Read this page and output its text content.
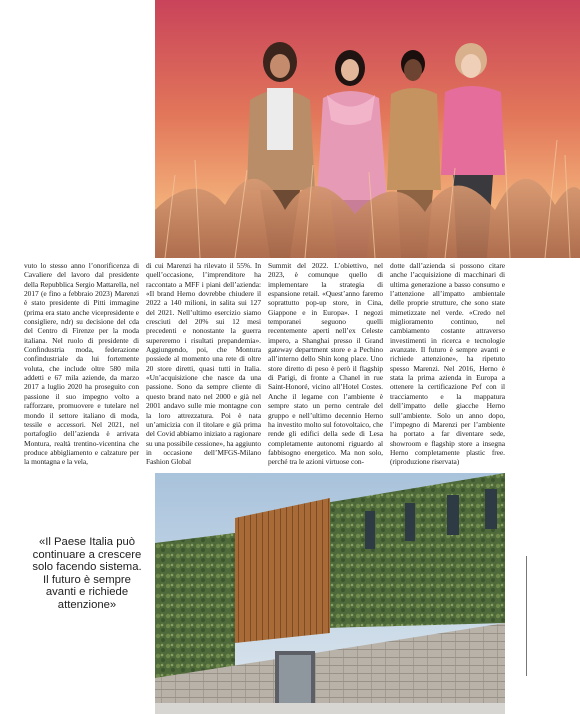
vuto lo stesso anno l’onorificenza di Cavaliere del lavoro dal presidente della Repubblica Sergio Mattarella, nel 2017 (e fino a febbraio 2023) Marenzi è stato presidente di Pitti immagine (prima era stato anche vicepresidente e consigliere, ndr) su decisione del cda del Centro di Firenze per la moda italiana. Nel ruolo di presidente di Confindustria moda, federazione confindustriale da lui fortemente voluta, che include oltre 580 mila addetti e 67 mila aziende, da marzo 2017 a luglio 2020 ha proseguito con passione il suo impegno volto a rafforzare, promuovere e tutelare nel mondo il settore italiano di moda, tessile e accessori. Nel 2021, nel portafoglio dell’azienda è arrivata Montura, realtà trentino-vicentina che produce abbigliamento e calzature per la montagna e la vela,
di cui Marenzi ha rilevato il 55%. In quell’occasione, l’imprenditore ha raccontato a MFF i piani dell’azienda: «Il brand Herno dovrebbe chiudere il 2022 a 140 milioni, in salita sui 127 del 2021. Nell’ultimo esercizio siamo cresciuti del 20% sui 12 mesi precedenti e nonostante la guerra supereremo i risultati prepandemia». Aggiungendo, poi, che Montura possiede al momento una rete di oltre 20 store diretti, quasi tutti in Italia. «Un’acquisizione che nasce da una passione. Sono da sempre cliente di questo brand nato nel 2000 e già nel 2001 andavo sulle mie montagne con la loro attrezzatura. Poi è nata un’amicizia con il titolare e già prima del Covid abbiamo iniziato a ragionare su una possibile cessione», ha aggiunto in occasione dell’MFGS-Milano Fashion Global
Summit del 2022. L’obiettivo, nel 2023, è comunque quello di implementare la strategia di espansione retail. «Quest’anno faremo soprattutto pop-up store, in Cina, Giappone e in Europa». I negozi temporanei seguono quelli recentemente aperti nell’ex Celeste impero, a Shanghai presso il Grand gateway department store e a Pechino all’interno dello Shin kong place. Uno store diretto di peso è però il flagship di Parigi, di fronte a Chanel in rue Saint-Honoré, vicino all’Hotel Costes. Anche il legame con l’ambiente è sempre stato un perno centrale del gruppo e nell’ultimo decennio Herno ha investito molto sul fotovoltaico, che rende gli edifici della sede di Lesa completamente autonomi riguardo al fabbisogno energetico. Ma non solo, perché tra le azioni virtuose con-
dotte dall’azienda si possono citare anche l’acquisizione di macchinari di ultima generazione a basso consumo e l’attenzione all’impatto ambientale delle proprie strutture, che sono state mimetizzate nel verde. «Credo nel miglioramento continuo, nel cambiamento costante attraverso investimenti in ricerca e tecnologie avanzate. Il futuro è sempre avanti e richiede attenzione», ha ripetuto spesso Marenzi. Nel 2016, Herno è stata la prima azienda in Europa a ottenere la certificazione Pef con il tracciamento e la mappatura dell’impatto delle giacche Herno sull’ambiente. Solo un anno dopo, l’impegno di Marenzi per l’ambiente ha portato a far diventare sede, showroom e flagship store a insegna Herno completamente plastic free. (riproduzione riservata)
«Il Paese Italia può continuare a crescere solo facendo sistema. Il futuro è sempre avanti e richiede attenzione»
